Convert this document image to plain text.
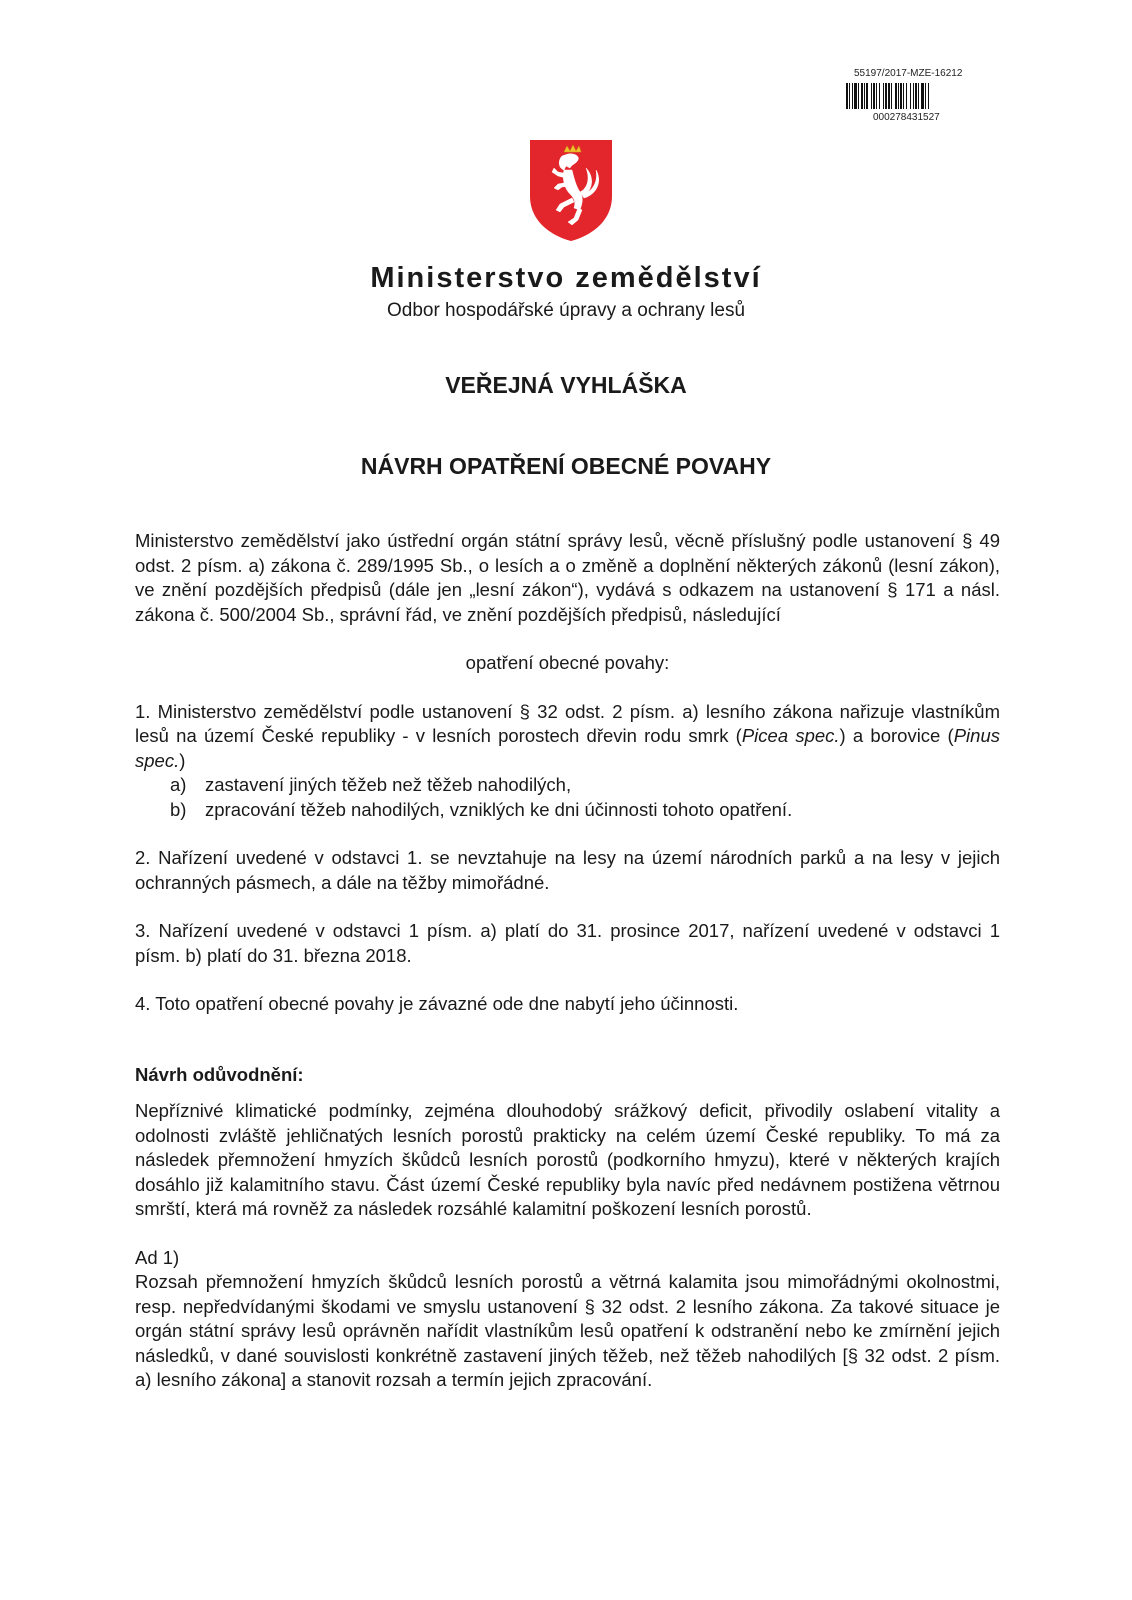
55197/2017-MZE-16212
000278431527
Ministerstvo zemědělství
Odbor hospodářské úpravy a ochrany lesů
VEŘEJNÁ VYHLÁŠKA
NÁVRH OPATŘENÍ OBECNÉ POVAHY

Ministerstvo zemědělství jako ústřední orgán státní správy lesů, věcně příslušný podle ustanovení § 49 odst. 2 písm. a) zákona č. 289/1995 Sb., o lesích a o změně a doplnění některých zákonů (lesní zákon), ve znění pozdějších předpisů (dále jen „lesní zákon“), vydává s odkazem na ustanovení § 171 a násl. zákona č. 500/2004 Sb., správní řád, ve znění pozdějších předpisů, následující

opatření obecné povahy:

1. Ministerstvo zemědělství podle ustanovení § 32 odst. 2 písm. a) lesního zákona nařizuje vlastníkům lesů na území České republiky - v lesních porostech dřevin rodu smrk (Picea spec.) a borovice (Pinus spec.)
a)	zastavení jiných těžeb než těžeb nahodilých,
b)	zpracování těžeb nahodilých, vzniklých ke dni účinnosti tohoto opatření.

2. Nařízení uvedené v odstavci 1. se nevztahuje na lesy na území národních parků a na lesy v jejich ochranných pásmech, a dále na těžby mimořádné.

3. Nařízení uvedené v odstavci 1 písm. a) platí do 31. prosince 2017, nařízení uvedené v odstavci 1 písm. b) platí do 31. března 2018.

4. Toto opatření obecné povahy je závazné ode dne nabytí jeho účinnosti.

Návrh odůvodnění:

Nepříznivé klimatické podmínky, zejména dlouhodobý srážkový deficit, přivodily oslabení vitality a odolnosti zvláště jehličnatých lesních porostů prakticky na celém území České republiky. To má za následek přemnožení hmyzích škůdců lesních porostů (podkorního hmyzu), které v některých krajích dosáhlo již kalamitního stavu. Část území České republiky byla navíc před nedávnem postižena větrnou smrští, která má rovněž za následek rozsáhlé kalamitní poškození lesních porostů.

Ad 1)

Rozsah přemnožení hmyzích škůdců lesních porostů a větrná kalamita jsou mimořádnými okolnostmi, resp. nepředvídanými škodami ve smyslu ustanovení § 32 odst. 2 lesního zákona. Za takové situace je orgán státní správy lesů oprávněn nařídit vlastníkům lesů opatření k odstranění nebo ke zmírnění jejich následků, v dané souvislosti konkrétně zastavení jiných těžeb, než těžeb nahodilých [§ 32 odst. 2 písm. a) lesního zákona] a stanovit rozsah a termín jejich zpracování.
